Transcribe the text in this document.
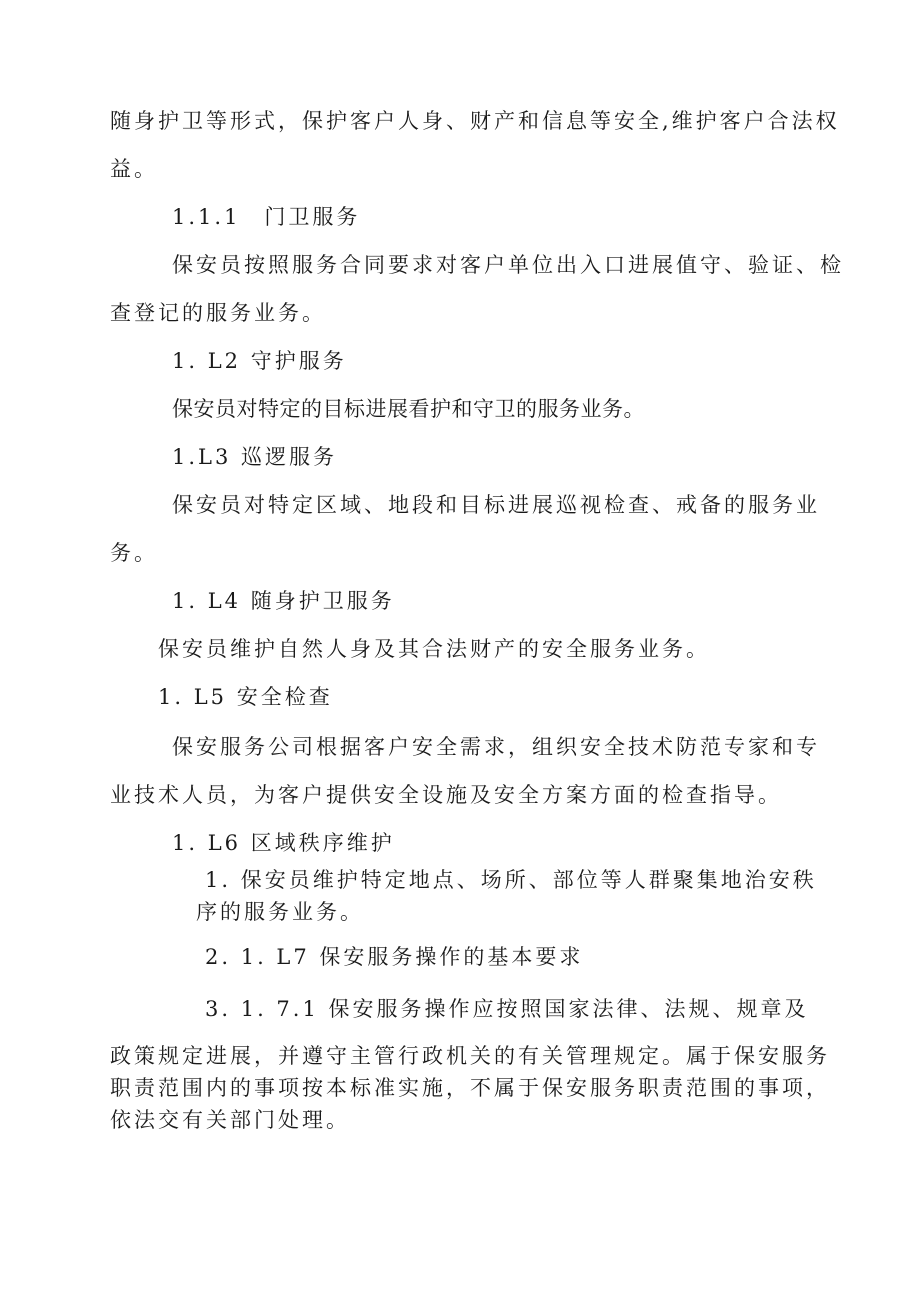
随身护卫等形式，保护客户人身、财产和信息等安全,维护客户合法权
益。
1.1.1　门卫服务
保安员按照服务合同要求对客户单位出入口进展值守、验证、检
查登记的服务业务。
1. L2 守护服务
保安员对特定的目标进展看护和守卫的服务业务。
1.L3 巡逻服务
保安员对特定区域、地段和目标进展巡视检查、戒备的服务业
务。
1. L4 随身护卫服务
保安员维护自然人身及其合法财产的安全服务业务。
1. L5 安全检查
保安服务公司根据客户安全需求，组织安全技术防范专家和专
业技术人员，为客户提供安全设施及安全方案方面的检查指导。
1. L6 区域秩序维护
1. 保安员维护特定地点、场所、部位等人群聚集地治安秩
序的服务业务。
2. 1. L7 保安服务操作的基本要求
3. 1. 7.1 保安服务操作应按照国家法律、法规、规章及
政策规定进展，并遵守主管行政机关的有关管理规定。属于保安服务
职责范围内的事项按本标准实施，不属于保安服务职责范围的事项，
依法交有关部门处理。
